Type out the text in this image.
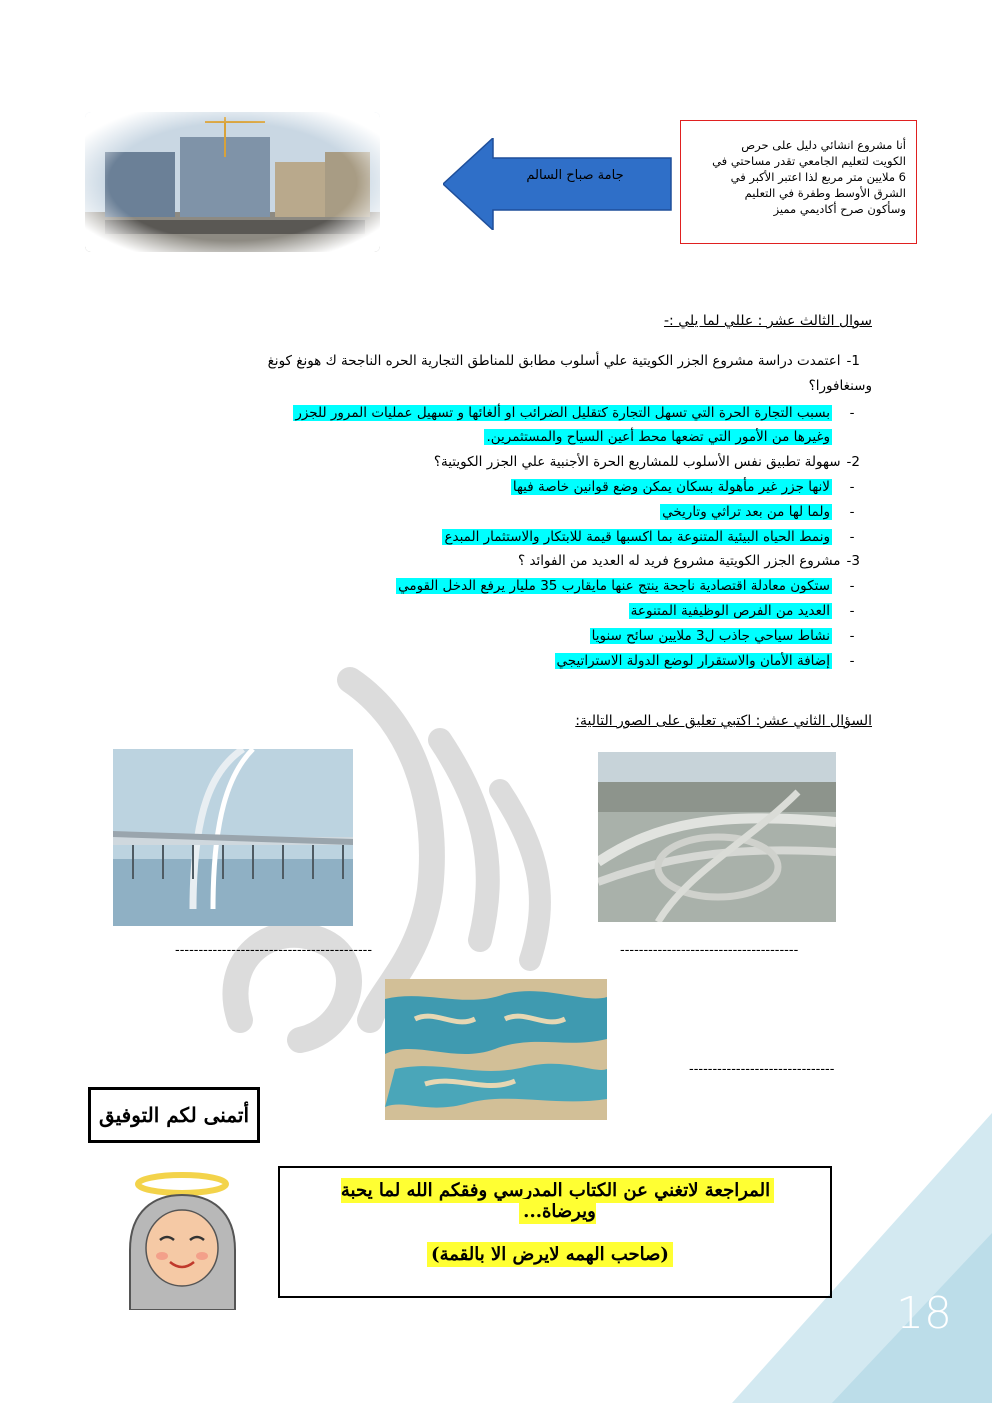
18
جامة صباح السالم
أنا مشروع انشائي دليل على حرص
الكويت لتعليم الجامعي تقدر مساحتي في
6 ملايين متر مربع لذا اعتبر الأكبر في
الشرق الأوسط وطفرة في التعليم
وسأكون صرح أكاديمي مميز
سوال الثالث عشر : عللي لما يلي :-
1-اعتمدت دراسة مشروع الجزر الكويتية علي أسلوب مطابق للمناطق التجارية الحره الناجحة ك هونغ كونغ
وسنغافورا؟
-بسبب التجارة الحرة التي تسهل التجارة كتقليل الضرائب او ألغائها و تسهيل عمليات المرور للجزر
وغيرها من الأمور التي تضعها محط أعين السياح والمستثمرين.
2-سهولة تطبيق نفس الأسلوب للمشاريع الحرة الأجنبية علي الجزر الكويتية؟
-لانها جزر غير مأهولة بسكان يمكن وضع قوانين خاصة فيها
-ولما لها من بعد تراثي وتاريخي
-ونمط الحياه البيئية المتنوعة بما اكسبها قيمة للابتكار والاستثمار المبدع
3-مشروع الجزر الكويتية مشروع فريد له العديد من الفوائد ؟
-ستكون معادلة اقتصادية ناجحة ينتج عنها مايقارب 35 مليار يرفع الدخل القومي
-العديد من الفرص الوظيفية المتنوعة
-نشاط سياحي جاذب ل3 ملايين سائح سنويا
-إضافة الأمان والاستقرار لوضع الدولة الاستراتيجي
السؤال الثاني عشر: اكتبي تعليق على الصور التالية:
------------------------------------------	--------------------------------------
-------------------------------
أتمنى لكم التوفيق
المراجعة لاتغني عن الكتاب المدرسي وفقكم الله لما يحبة ويرضاة...
(صاحب الهمه لايرض الا بالقمة)
